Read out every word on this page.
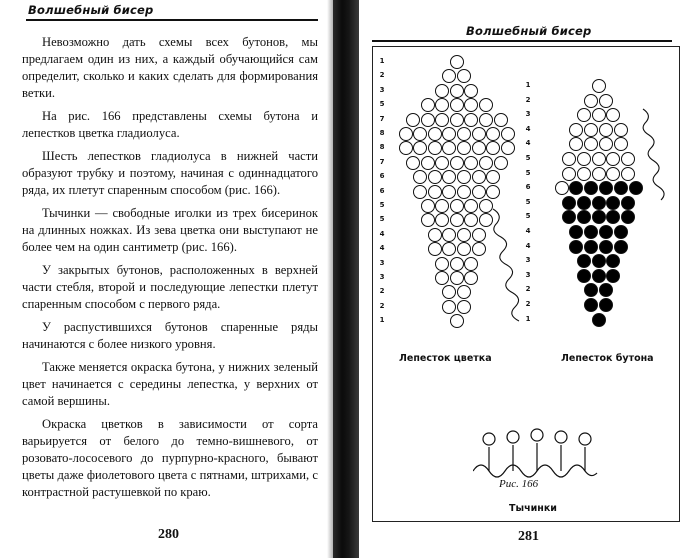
Волшебный бисер

Невозможно дать схемы всех бутонов, мы предлагаем один из них, а каждый обучающийся сам определит, сколько и каких сделать для формирования ветки.

На рис. 166 представлены схемы бутона и лепестков цветка гладиолуса.

Шесть лепестков гладиолуса в нижней части образуют трубку и поэтому, начиная с одиннадцатого ряда, их плетут спаренным способом (рис. 166).

Тычинки — свободные иголки из трех бисеринок на длинных ножках. Из зева цветка они выступают не более чем на один сантиметр (рис. 166).

У закрытых бутонов, расположенных в верхней части стебля, второй и последующие лепестки плетут спаренным способом с первого ряда.

У распустившихся бутонов спаренные ряды начинаются с более низкого уровня.

Также меняется окраска бутона, у нижних зеленый цвет начинается с середины лепестка, у верхних от самой вершины.

Окраска цветков в зависимости от сорта варьируется от белого до темно-вишневого, от розовато-лососевого до пурпурно-красного, бывают цветы даже фиолетового цвета с пятнами, штрихами, с контрастной растушевкой по краю.

280
Волшебный бисер
1
2
3
5
7
8
8
7
6
6
5
5
4
4
3
3
2
2
1
1
2
3
4
4
5
5
6
5
5
4
4
3
3
2
2
1
Лепесток цветка	Лепесток бутона
Тычинки
Рис. 166
281
